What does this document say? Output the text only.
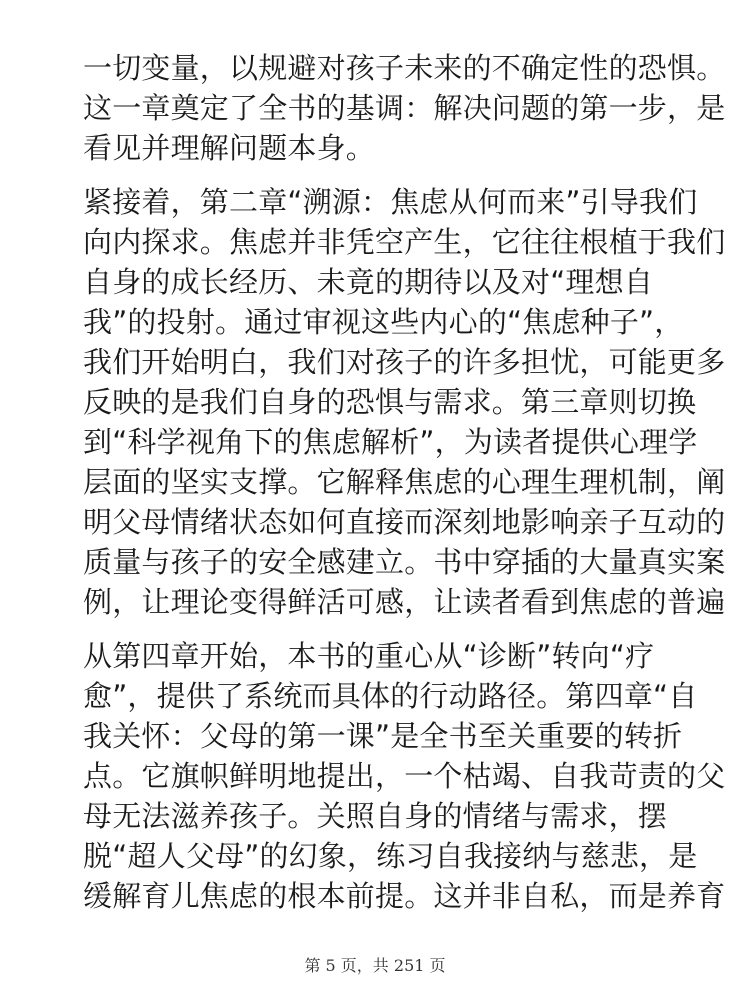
一切变量，以规避对孩子未来的不确定性的恐惧。
这一章奠定了全书的基调：解决问题的第一步，是
看见并理解问题本身。
紧接着，第二章“溯源：焦虑从何而来”引导我们
向内探求。焦虑并非凭空产生，它往往根植于我们
自身的成长经历、未竟的期待以及对“理想自
我”的投射。通过审视这些内心的“焦虑种子”，
我们开始明白，我们对孩子的许多担忧，可能更多
反映的是我们自身的恐惧与需求。第三章则切换
到“科学视角下的焦虑解析”，为读者提供心理学
层面的坚实支撑。它解释焦虑的心理生理机制，阐
明父母情绪状态如何直接而深刻地影响亲子互动的
质量与孩子的安全感建立。书中穿插的大量真实案
例，让理论变得鲜活可感，让读者看到焦虑的普遍
从第四章开始，本书的重心从“诊断”转向“疗
愈”，提供了系统而具体的行动路径。第四章“自
我关怀：父母的第一课”是全书至关重要的转折
点。它旗帜鲜明地提出，一个枯竭、自我苛责的父
母无法滋养孩子。关照自身的情绪与需求，摆
脱“超人父母”的幻象，练习自我接纳与慈悲，是
缓解育儿焦虑的根本前提。这并非自私，而是养育
第 5 页，共 251 页
